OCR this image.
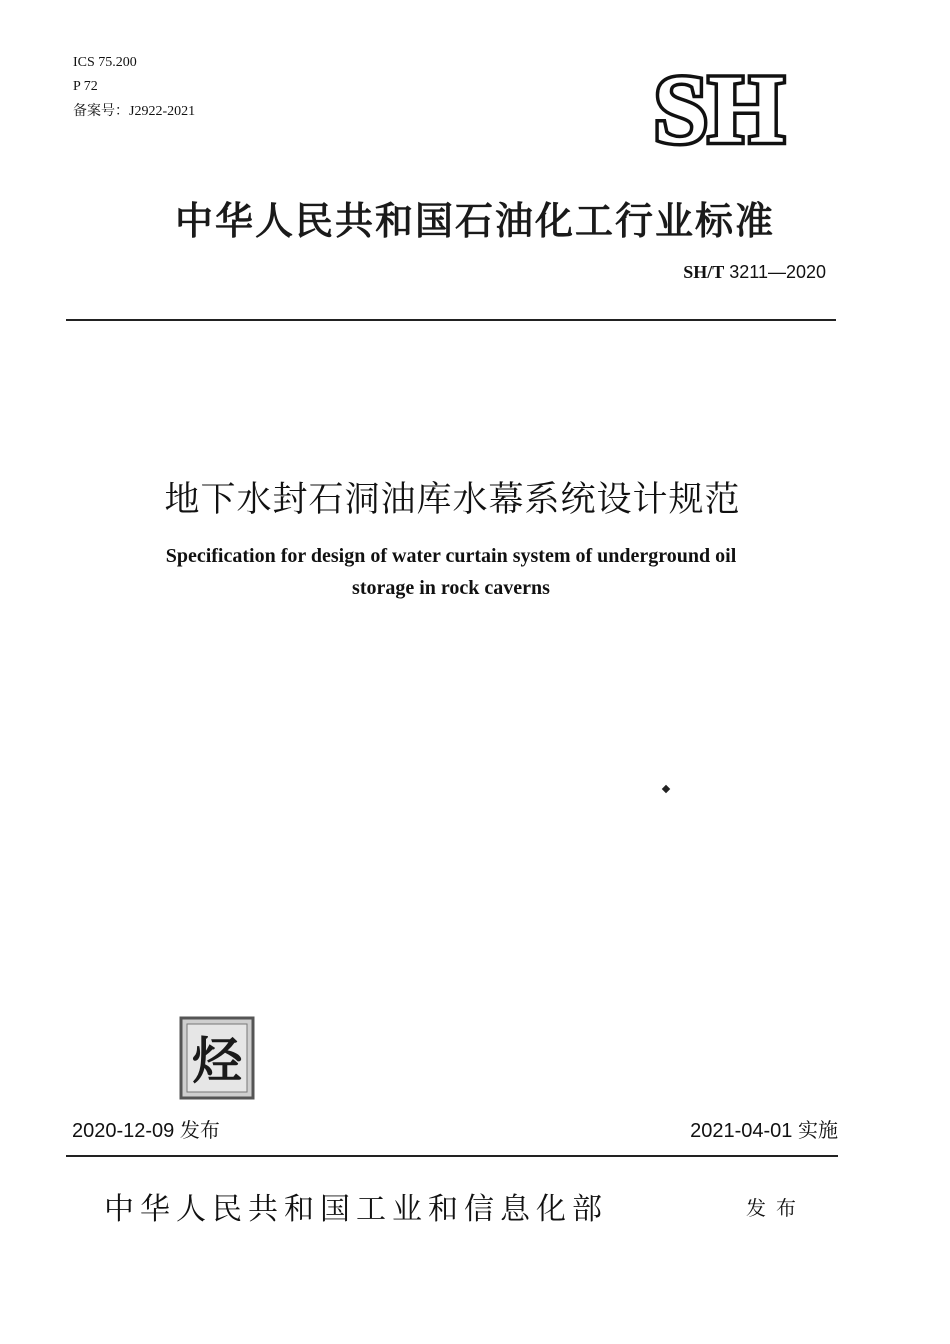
ICS 75.200
P 72
备案号：J2922-2021	SH
中华人民共和国石油化工行业标准
SH/T 3211—2020
地下水封石洞油库水幕系统设计规范
Specification for design of water curtain system of underground oil
storage in rock caverns
烃
2020-12-09 发布	2021-04-01 实施
中华人民共和国工业和信息化部	发布
